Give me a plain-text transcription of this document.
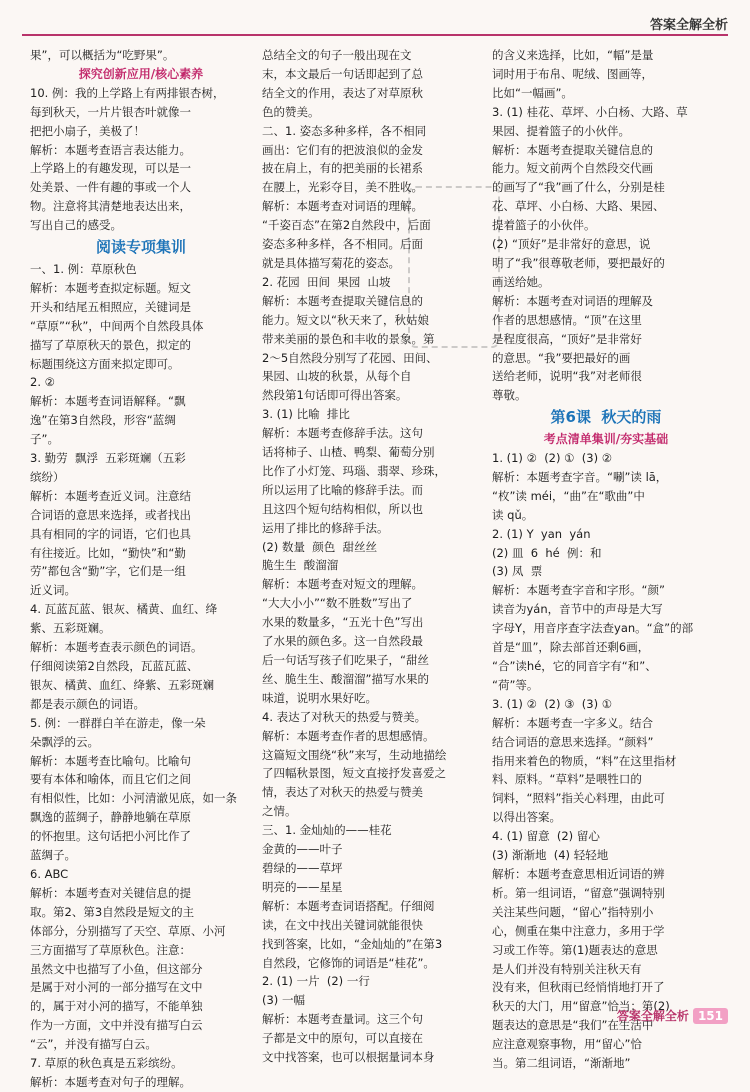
答案全解全析

果”，可以概括为“吃野果”。

探究创新应用/核心素养

10. 例：我的上学路上有两排银杏树，

每到秋天，一片片银杏叶就像一

把把小扇子，美极了！

解析：本题考查语言表达能力。

上学路上的有趣发现，可以是一

处美景、一件有趣的事或一个人

物。注意将其清楚地表达出来，

写出自己的感受。

阅读专项集训

一、1. 例：草原秋色

解析：本题考查拟定标题。短文

开头和结尾五相照应，关键词是

“草原”“秋”，中间两个自然段具体

描写了草原秋天的景色，拟定的

标题围绕这方面来拟定即可。

2. ②

解析：本题考查词语解释。“飘

逸”在第3自然段，形容“蓝绸

子”。

3. 勤劳  飘浮  五彩斑斓（五彩

缤纷）

解析：本题考查近义词。注意结

合词语的意思来选择，或者找出

具有相同的字的词语，它们也具

有往接近。比如，“勤快”和“勤

劳”都包含“勤”字，它们是一组

近义词。

4. 瓦蓝瓦蓝、银灰、橘黄、血红、绛

紫、五彩斑斓。

解析：本题考查表示颜色的词语。

仔细阅读第2自然段，瓦蓝瓦蓝、

银灰、橘黄、血红、绛紫、五彩斑斓

都是表示颜色的词语。

5. 例：一群群白羊在游走，像一朵

朵飘浮的云。

解析：本题考查比喻句。比喻句

要有本体和喻体，而且它们之间

有相似性，比如：小河清澈见底，如一条

飘逸的蓝绸子，静静地躺在草原

的怀抱里。这句话把小河比作了

蓝绸子。

6. ABC

解析：本题考查对关键信息的提

取。第2、第3自然段是短文的主

体部分，分别描写了天空、草原、小河

三方面描写了草原秋色。注意：

虽然文中也描写了小鱼，但这部分

是属于对小河的一部分描写在文中

的，属于对小河的描写，不能单独

作为一方面，文中并没有描写白云

“云”，并没有描写白云。

7. 草原的秋色真是五彩缤纷。

解析：本题考查对句子的理解。

总结全文的句子一般出现在文

末，本文最后一句话即起到了总

结全文的作用，表达了对草原秋

色的赞美。

二、1. 姿态多种多样，各不相同

画出：它们有的把波浪似的金发

披在肩上，有的把美丽的长裙系

在腰上，光彩夺目，美不胜收。

解析：本题考查对词语的理解。

“千姿百态”在第2自然段中，后面

姿态多种多样，各不相同。后面

就是具体描写菊花的姿态。

2. 花园  田间  果园  山坡

解析：本题考查提取关键信息的

能力。短文以“秋天来了，秋姑娘

带来美丽的景色和丰收的景象。第

2～5自然段分别写了花园、田间、

果园、山坡的秋景，从每个自

然段第1句话即可得出答案。

3. (1) 比喻  排比

解析：本题考查修辞手法。这句

话将柿子、山楂、鸭梨、葡萄分别

比作了小灯笼、玛瑙、翡翠、珍珠，

所以运用了比喻的修辞手法。而

且这四个短句结构相似，所以也

运用了排比的修辞手法。

(2) 数量  颜色  甜丝丝

脆生生  酸溜溜

解析：本题考查对短文的理解。

“大大小小”“数不胜数”写出了

水果的数量多，“五光十色”写出

了水果的颜色多。这一自然段最

后一句话写孩子们吃果子，“甜丝

丝、脆生生、酸溜溜”描写水果的

味道，说明水果好吃。

4. 表达了对秋天的热爱与赞美。

解析：本题考查作者的思想感情。

这篇短文围绕“秋”来写，生动地描绘

了四幅秋景图，短文直接抒发喜爱之

情，表达了对秋天的热爱与赞美

之情。

三、1. 金灿灿的——桂花

金黄的——叶子

碧绿的——草坪

明亮的——星星

解析：本题考查词语搭配。仔细阅

读，在文中找出关键词就能很快

找到答案，比如，“金灿灿的”在第3

自然段，它修饰的词语是“桂花”。

2. (1) 一片  (2) 一行

(3) 一幅

解析：本题考查量词。这三个句

子都是文中的原句，可以直接在

文中找答案，也可以根据量词本身

的含义来选择，比如，“幅”是量

词时用于布帛、呢绒、图画等，

比如“一幅画”。

3. (1) 桂花、草坪、小白杨、大路、草

果园、提着篮子的小伙伴。

解析：本题考查提取关键信息的

能力。短文前两个自然段交代画

的画写了“我”画了什么，分别是桂

花、草坪、小白杨、大路、果园、

提着篮子的小伙伴。

(2) “顶好”是非常好的意思，说

明了“我”很尊敬老师，要把最好的

画送给她。

解析：本题考查对词语的理解及

作者的思想感情。“顶”在这里

是程度很高，“顶好”是非常好

的意思。“我”要把最好的画

送给老师，说明“我”对老师很

尊敬。

第6课  秋天的雨

考点清单集训/夯实基础

1. (1) ②  (2) ①  (3) ②

解析：本题考查字音。“唰”读 lā，

“枚”读 méi，“曲”在“歌曲”中

读 qǔ。

2. (1) Y  yan  yán

(2) 皿  6  hé  例：和

(3) 凤  票

解析：本题考查字音和字形。“颜”

读音为yán，音节中的声母是大写

字母Y，用音序查字法查yan。“盒”的部

首是“皿”，除去部首还剩6画，

“合”读hé，它的同音字有“和”、

“荷”等。

3. (1) ②  (2) ③  (3) ①

解析：本题考查一字多义。结合

结合词语的意思来选择。“颜料”

指用来着色的物质，“料”在这里指材

料、原料。“草料”是喂牲口的

饲料，“照料”指关心料理，由此可

以得出答案。

4. (1) 留意  (2) 留心

(3) 渐渐地  (4) 轻轻地

解析：本题考查意思相近词语的辨

析。第一组词语，“留意”强调特别

关注某些问题，“留心”指特别小

心，侧重在集中注意力，多用于学

习或工作等。第(1)题表达的意思

是人们并没有特别关注秋天有

没有来，但秋雨已经悄悄地打开了

秋天的大门，用“留意”恰当；第(2)

题表达的意思是“我们”在生活中

应注意观察事物，用“留心”恰

当。第二组词语，“渐渐地”

答案全解全析 151
